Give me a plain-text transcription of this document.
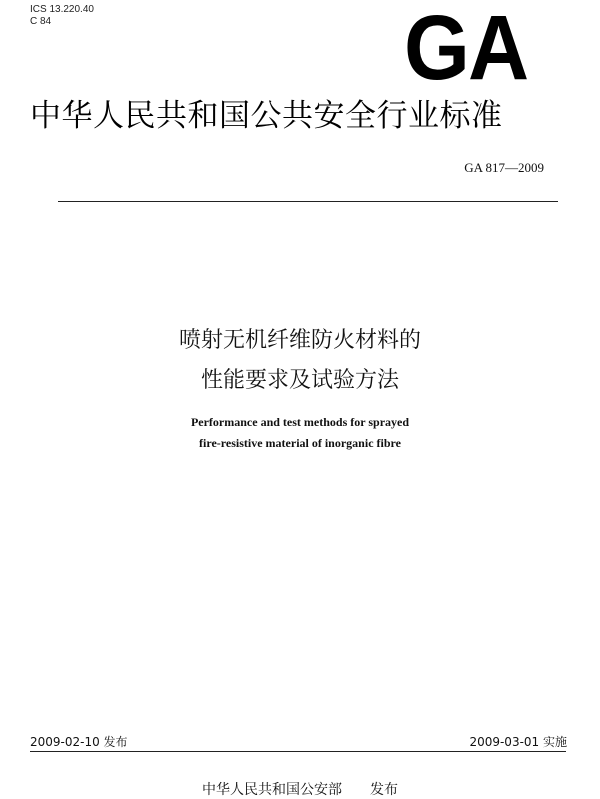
ICS 13.220.40
C 84	GA
中华人民共和国公共安全行业标准
GA 817—2009
喷射无机纤维防火材料的
性能要求及试验方法
Performance and test methods for sprayed
fire-resistive material of inorganic fibre
2009-02-10 发布	2009-03-01 实施
中华人民共和国公安部 发布
